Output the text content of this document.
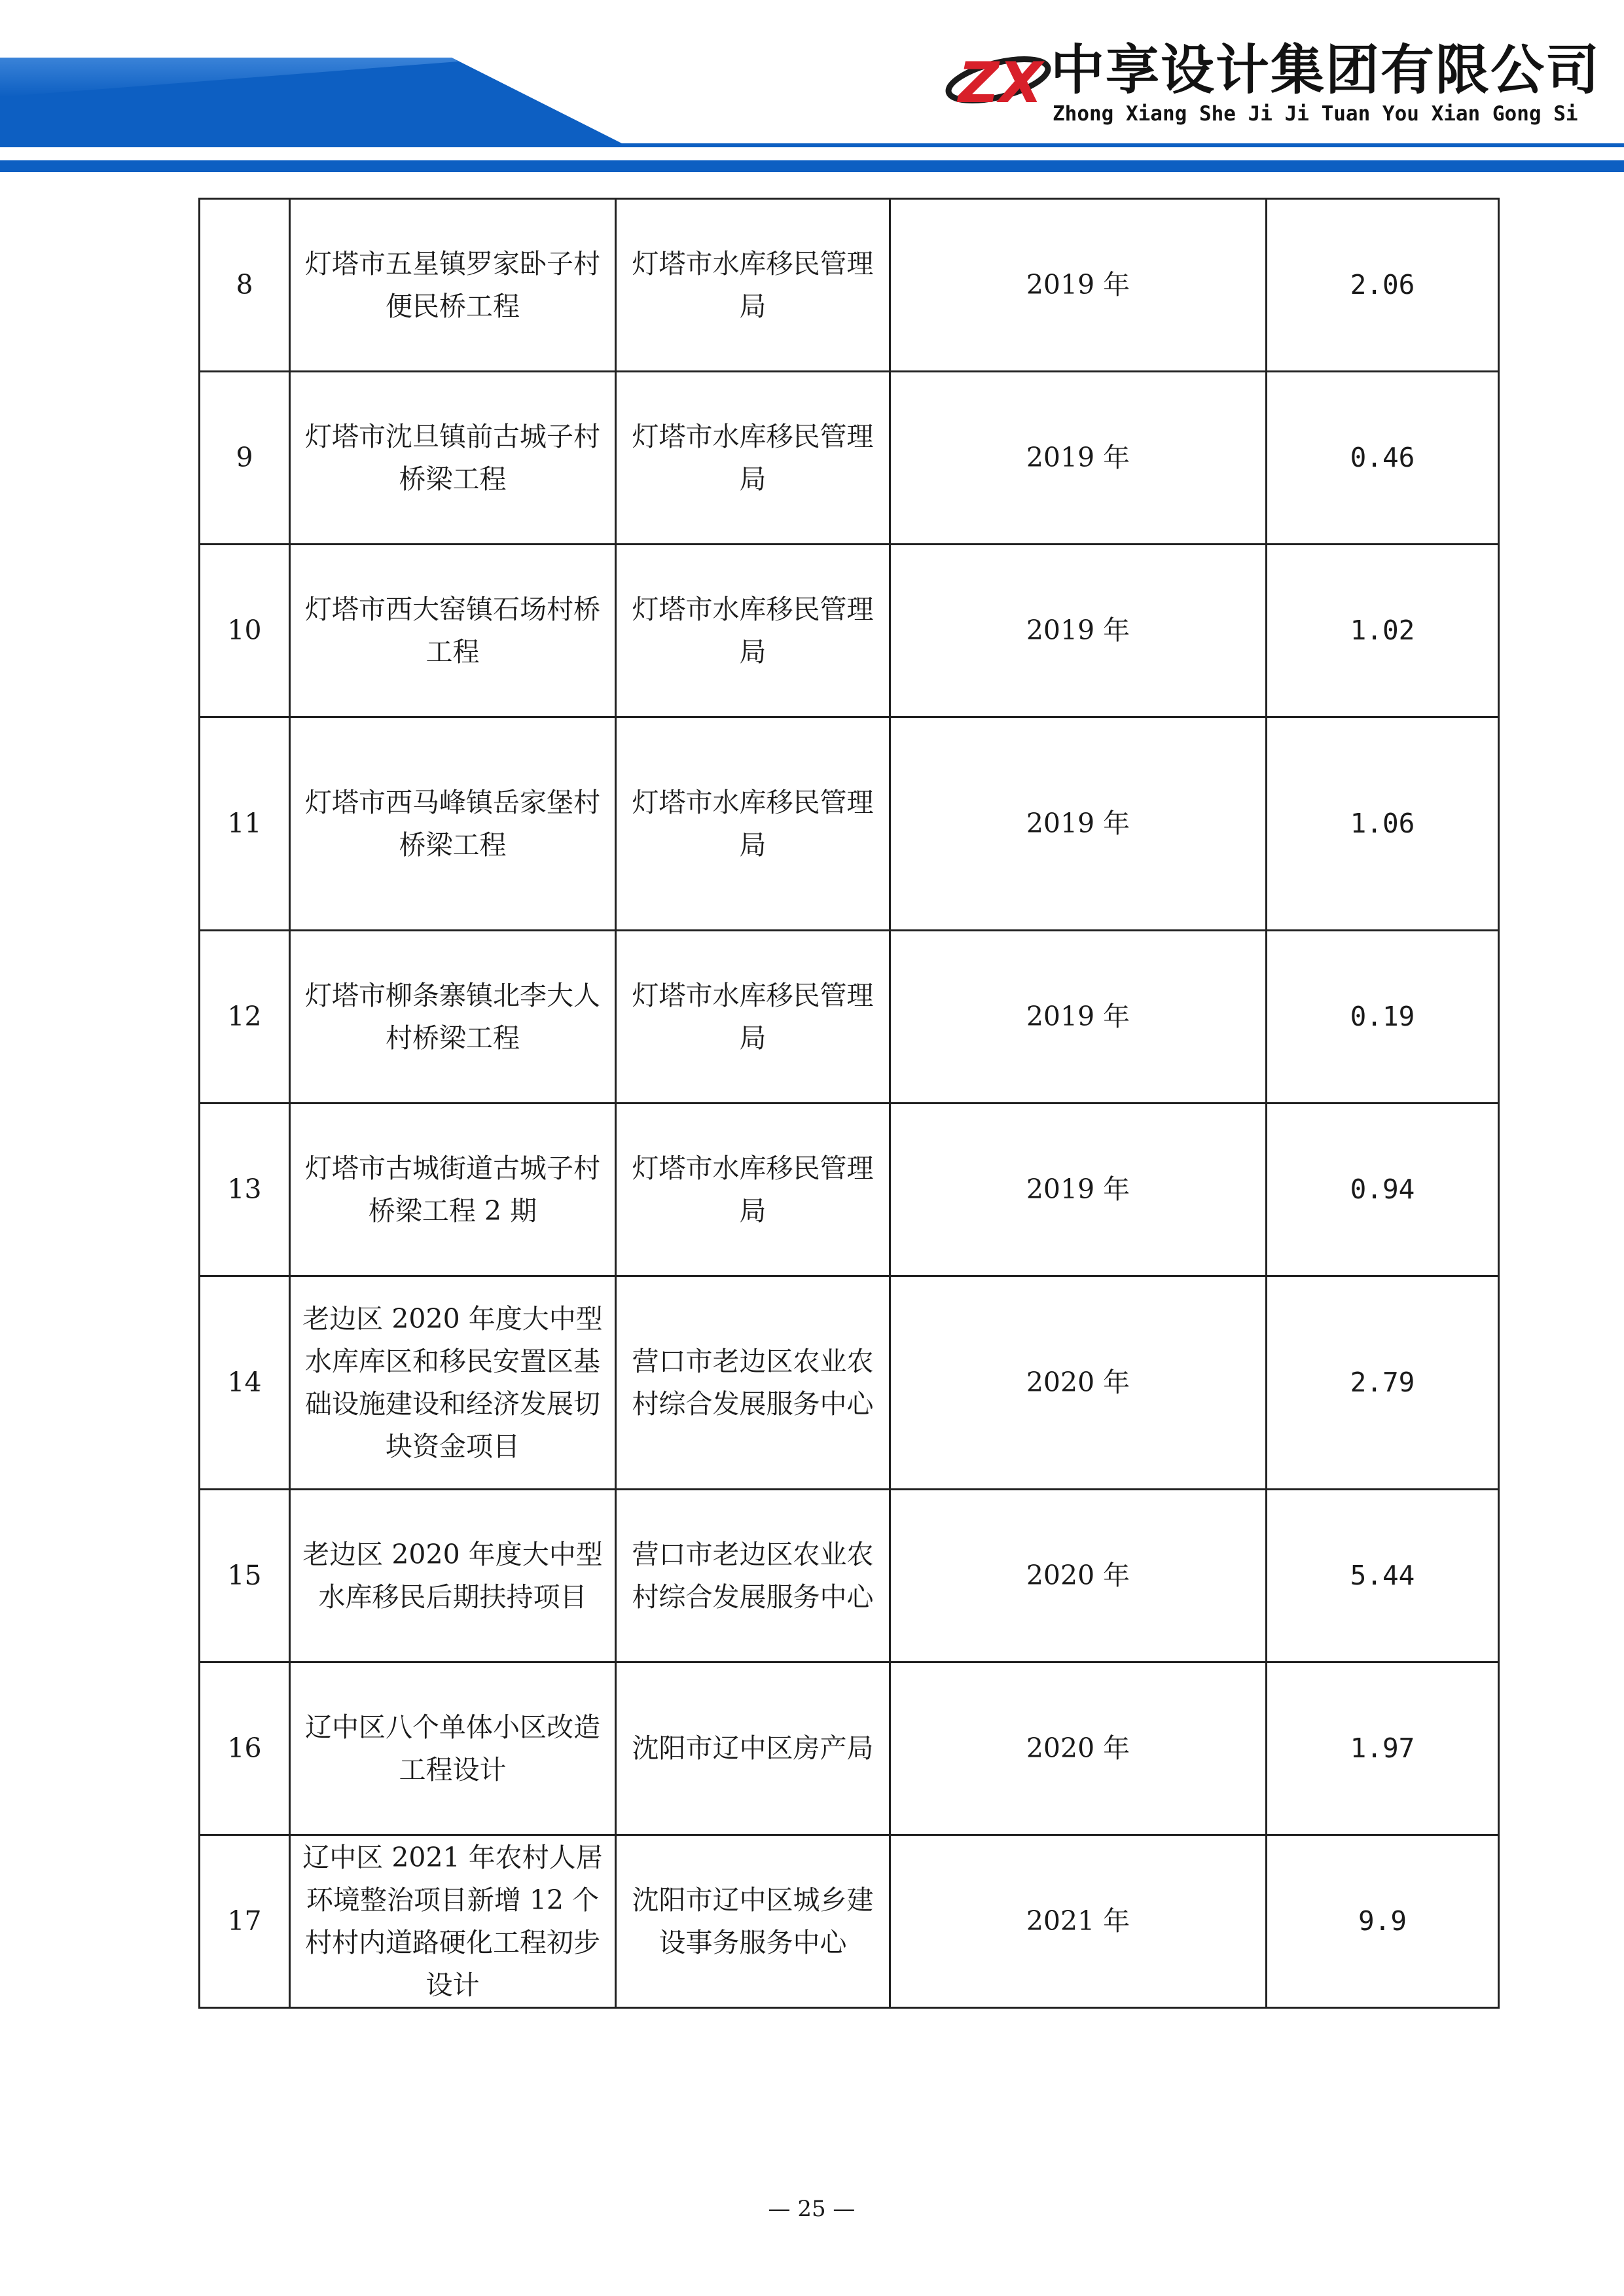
ZX 中享设计集团有限公司
Zhong Xiang She Ji Ji Tuan You Xian Gong Si
8	灯塔市五星镇罗家卧子村便民桥工程	灯塔市水库移民管理局	2019 年	2.06
9	灯塔市沈旦镇前古城子村桥梁工程	灯塔市水库移民管理局	2019 年	0.46
10	灯塔市西大窑镇石场村桥工程	灯塔市水库移民管理局	2019 年	1.02
11	灯塔市西马峰镇岳家堡村桥梁工程	灯塔市水库移民管理局	2019 年	1.06
12	灯塔市柳条寨镇北李大人村桥梁工程	灯塔市水库移民管理局	2019 年	0.19
13	灯塔市古城街道古城子村桥梁工程 2 期	灯塔市水库移民管理局	2019 年	0.94
14	老边区 2020 年度大中型水库库区和移民安置区基础设施建设和经济发展切块资金项目	营口市老边区农业农村综合发展服务中心	2020 年	2.79
15	老边区 2020 年度大中型水库移民后期扶持项目	营口市老边区农业农村综合发展服务中心	2020 年	5.44
16	辽中区八个单体小区改造工程设计	沈阳市辽中区房产局	2020 年	1.97
17	辽中区 2021 年农村人居环境整治项目新增 12 个村村内道路硬化工程初步设计	沈阳市辽中区城乡建设事务服务中心	2021 年	9.9
— 25 —
